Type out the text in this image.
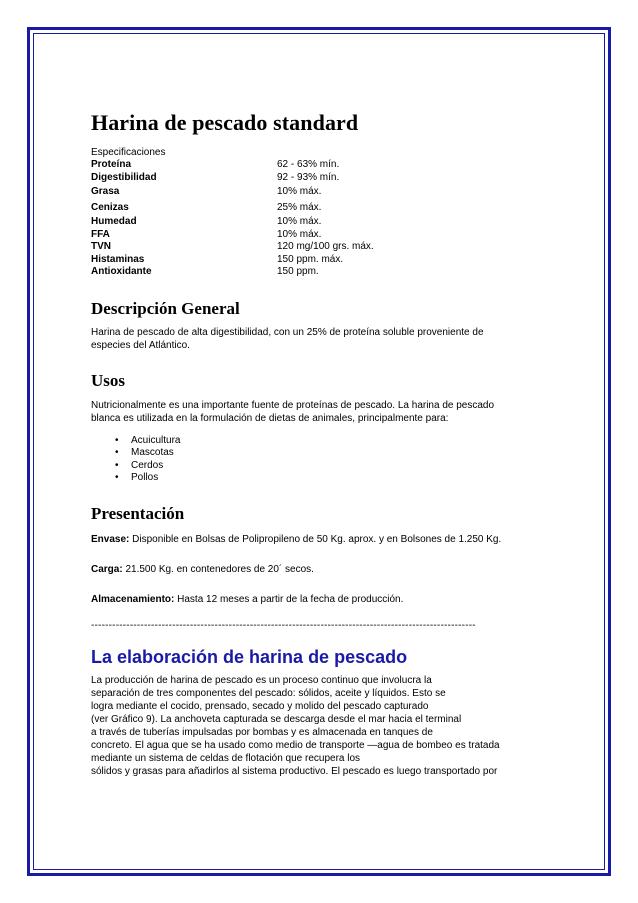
Harina de pescado standard
Especificaciones
Proteína	62 - 63% mín.
Digestibilidad	92 - 93% mín.
Grasa	10% máx.
Cenizas	25% máx.
Humedad	10% máx.
FFA	10% máx.
TVN	120 mg/100 grs. máx.
Histaminas	150 ppm. máx.
Antioxidante	150 ppm.
Descripción General

Harina de pescado de alta digestibilidad, con un 25% de proteína soluble proveniente de

especies del Atlántico.

Usos

Nutricionalmente es una importante fuente de proteínas de pescado. La harina de pescado

blanca es utilizada en la formulación de dietas de animales, principalmente para:

• Acuicultura
• Mascotas
• Cerdos
• Pollos
Presentación

Envase: Disponible en Bolsas de Polipropileno de 50 Kg. aprox. y en Bolsones de 1.250 Kg.

Carga: 21.500 Kg. en contenedores de 20´ secos.

Almacenamiento: Hasta 12 meses a partir de la fecha de producción.

-------------------------------------------------------------------------------------------------------------
La elaboración de harina de pescado

La producción de harina de pescado es un proceso continuo que involucra la

separación de tres componentes del pescado: sólidos, aceite y líquidos. Esto se

logra mediante el cocido, prensado, secado y molido del pescado capturado

(ver Gráfico 9). La anchoveta capturada se descarga desde el mar hacia el terminal

a través de tuberías impulsadas por bombas y es almacenada en tanques de

concreto. El agua que se ha usado como medio de transporte —agua de bombeo es tratada

mediante un sistema de celdas de flotación que recupera los

sólidos y grasas para añadirlos al sistema productivo. El pescado es luego transportado por
